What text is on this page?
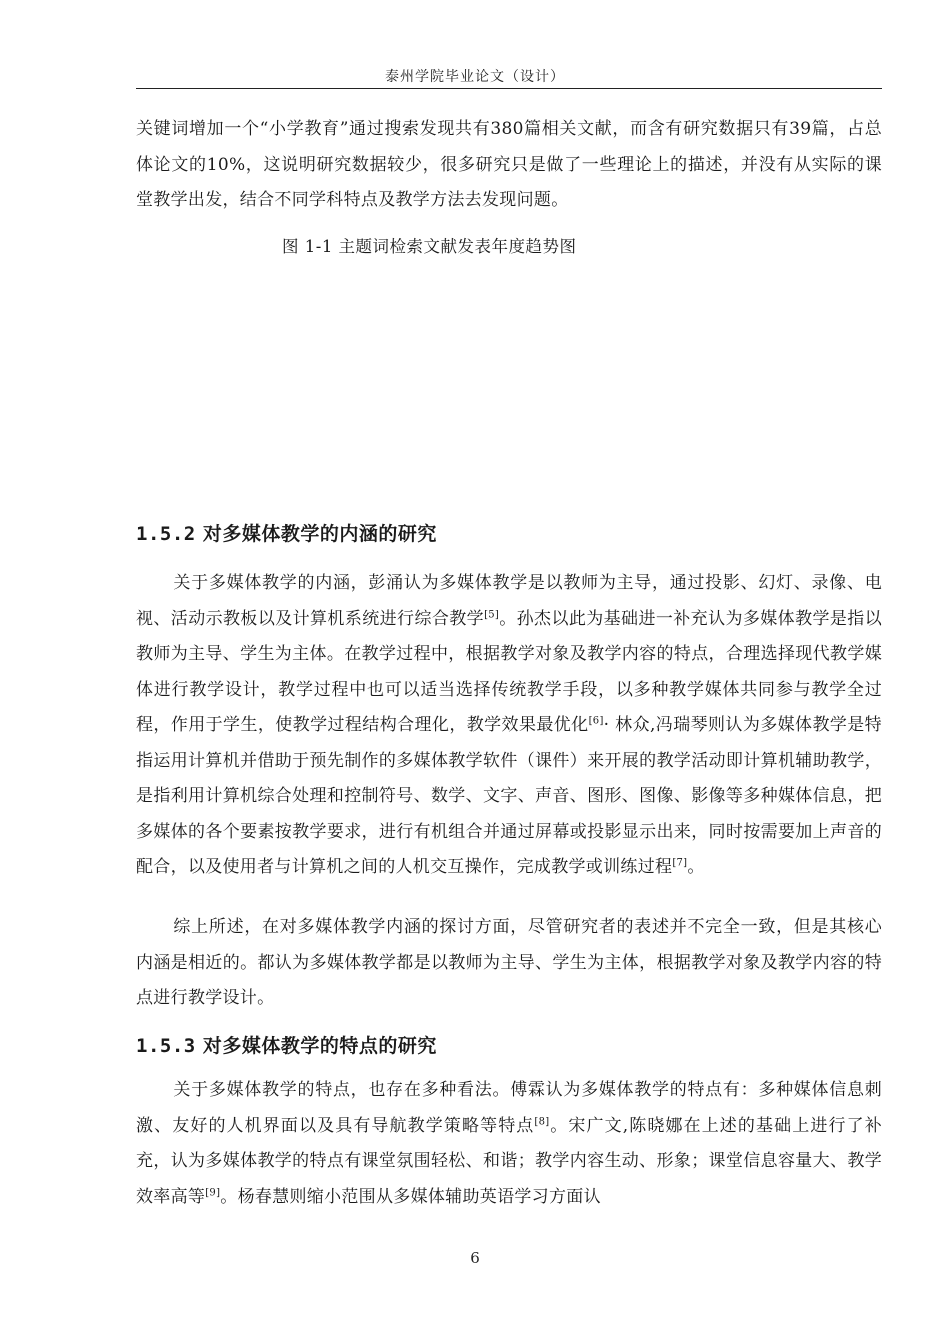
泰州学院毕业论文（设计）

关键词增加一个“小学教育”通过搜索发现共有380篇相关文献，而含有研究数据只有39篇，占总体论文的10%，这说明研究数据较少，很多研究只是做了一些理论上的描述，并没有从实际的课堂教学出发，结合不同学科特点及教学方法去发现问题。

图 1-1 主题词检索文献发表年度趋势图

1.5.2 对多媒体教学的内涵的研究

关于多媒体教学的内涵，彭涌认为多媒体教学是以教师为主导，通过投影、幻灯、录像、电视、活动示教板以及计算机系统进行综合教学[5]。孙杰以此为基础进一补充认为多媒体教学是指以教师为主导、学生为主体。在教学过程中，根据教学对象及教学内容的特点，合理选择现代教学媒体进行教学设计，教学过程中也可以适当选择传统教学手段，以多种教学媒体共同参与教学全过程，作用于学生，使教学过程结构合理化，教学效果最优化[6]· 林众,冯瑞琴则认为多媒体教学是特指运用计算机并借助于预先制作的多媒体教学软件（课件）来开展的教学活动即计算机辅助教学，是指利用计算机综合处理和控制符号、数学、文字、声音、图形、图像、影像等多种媒体信息，把多媒体的各个要素按教学要求，进行有机组合并通过屏幕或投影显示出来，同时按需要加上声音的配合，以及使用者与计算机之间的人机交互操作，完成教学或训练过程[7]。

综上所述，在对多媒体教学内涵的探讨方面，尽管研究者的表述并不完全一致，但是其核心内涵是相近的。都认为多媒体教学都是以教师为主导、学生为主体，根据教学对象及教学内容的特点进行教学设计。

1.5.3 对多媒体教学的特点的研究

关于多媒体教学的特点，也存在多种看法。傅霖认为多媒体教学的特点有：多种媒体信息刺激、友好的人机界面以及具有导航教学策略等特点[8]。宋广文,陈晓娜在上述的基础上进行了补充，认为多媒体教学的特点有课堂氛围轻松、和谐；教学内容生动、形象；课堂信息容量大、教学效率高等[9]。杨春慧则缩小范围从多媒体辅助英语学习方面认

6
